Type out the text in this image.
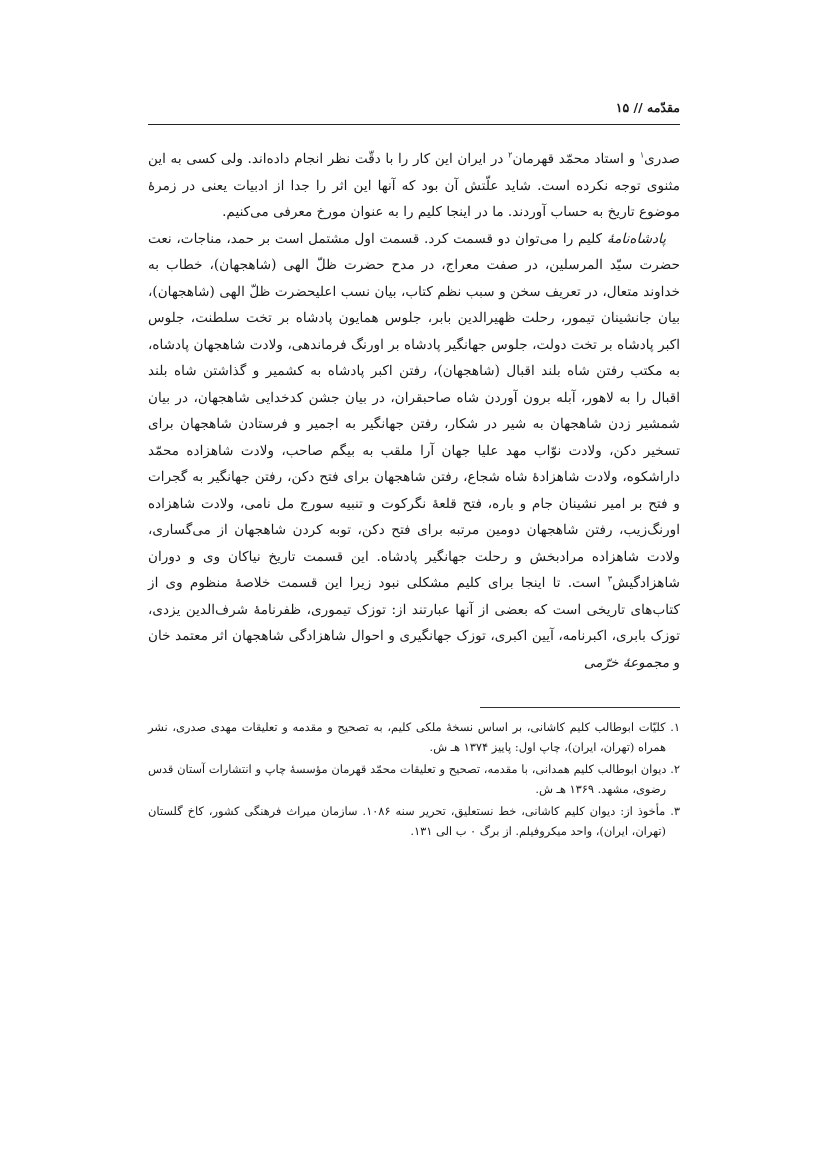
مقدّمه // ۱۵

صدری$^۱$ و استاد محمّد قهرمان$^۲$ در ایران این کار را با دقّت نظر انجام داده‌اند. ولی کسی به این مثنوی توجه نکرده است. شاید علّتش آن بود که آنها این اثر را جدا از ادبیات یعنی در زمرهٔ موضوع تاریخ به حساب آوردند. ما در اینجا کلیم را به عنوان مورخ معرفی می‌کنیم.

پادشاه‌نامهٔ کلیم را می‌توان دو قسمت کرد. قسمت اول مشتمل است بر حمد، مناجات، نعت حضرت سیّد المرسلین، در صفت معراج، در مدح حضرت ظلّ الهی (شاهجهان)، خطاب به خداوند متعال، در تعریف سخن و سبب نظم کتاب، بیان نسب اعلیحضرت ظلّ الهی (شاهجهان)، بیان جانشینان تیمور، رحلت ظهیرالدین بابر، جلوس همایون پادشاه بر تخت سلطنت، جلوس اکبر پادشاه بر تخت دولت، جلوس جهانگیر پادشاه بر اورنگ فرماندهی، ولادت شاهجهان پادشاه، به مکتب رفتن شاه بلند اقبال (شاهجهان)، رفتن اکبر پادشاه به کشمیر و گذاشتن شاه بلند اقبال را به لاهور، آبله برون آوردن شاه صاحبقران، در بیان جشن کدخدایی شاهجهان، در بیان شمشیر زدن شاهجهان به شیر در شکار، رفتن جهانگیر به اجمیر و فرستادن شاهجهان برای تسخیر دکن، ولادت نوّاب مهد علیا جهان آرا ملقب به بیگم صاحب، ولادت شاهزاده محمّد داراشکوه، ولادت شاهزادهٔ شاه شجاع، رفتن شاهجهان برای فتح دکن، رفتن جهانگیر به گجرات و فتح بر امیر نشینان جام و باره، فتح قلعهٔ نگرکوت و تنبیه سورج مل نامی، ولادت شاهزاده اورنگ‌زیب، رفتن شاهجهان دومین مرتبه برای فتح دکن، توبه کردن شاهجهان از می‌گساری، ولادت شاهزاده مرادبخش و رحلت جهانگیر پادشاه. این قسمت تاریخ نیاکان وی و دوران شاهزادگیش$^۳$ است. تا اینجا برای کلیم مشکلی نبود زیرا این قسمت خلاصهٔ منظوم وی از کتاب‌های تاریخی است که بعضی از آنها عبارتند از: توزک تیموری، ظفرنامهٔ شرف‌الدین یزدی، توزک بابری، اکبرنامه، آیین اکبری، توزک جهانگیری و احوال شاهزادگی شاهجهان اثر معتمد خان و مجموعهٔ خرّمی

۱. کلیّات ابوطالب کلیم کاشانی، بر اساس نسخهٔ ملکی کلیم، به تصحیح و مقدمه و تعلیقات مهدی صدری، نشر همراه (تهران، ایران)، چاپ اول: پاییز ۱۳۷۴ هـ ش.

۲. دیوان ابوطالب کلیم همدانی، با مقدمه، تصحیح و تعلیقات محمّد قهرمان مؤسسهٔ چاپ و انتشارات آستان قدس رضوی، مشهد. ۱۳۶۹ هـ ش.

۳. مأخوذ از: دیوان کلیم کاشانی، خط نستعلیق، تحریر سنه ۱۰۸۶. سازمان میراث فرهنگی کشور، کاخ گلستان (تهران، ایران)، واحد میکروفیلم. از برگ ۰ ب الی ۱۳۱.
